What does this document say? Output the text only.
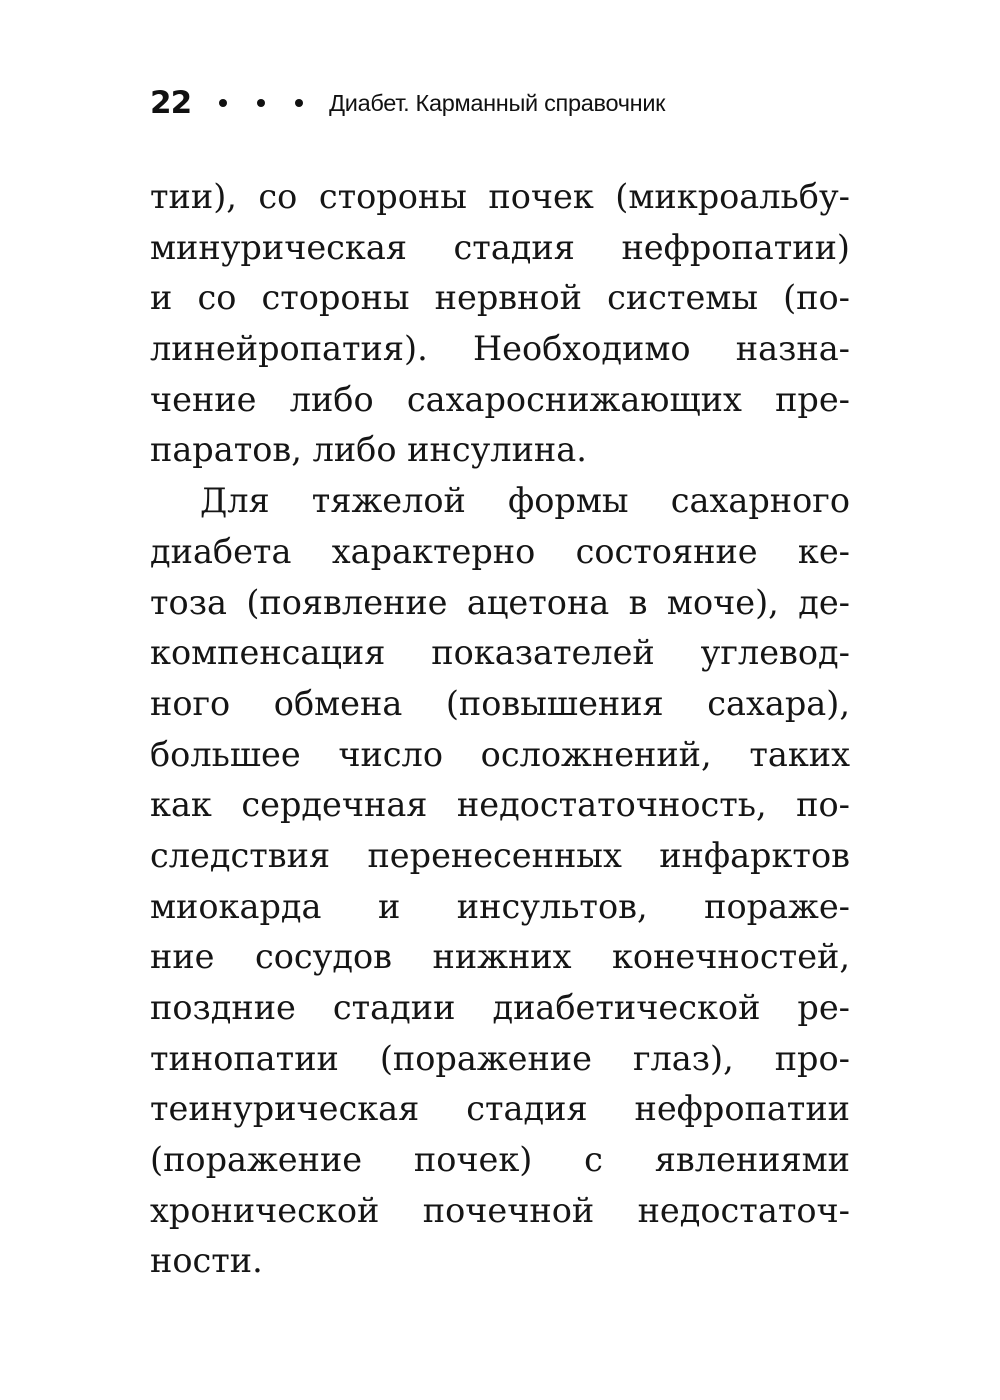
22	Диабет. Карманный справочник
тии), со стороны почек (микроальбу-
минурическая стадия нефропатии)
и со стороны нервной системы (по-
линейропатия). Необходимо назна-
чение либо сахароснижающих пре-
паратов, либо инсулина.
Для тяжелой формы сахарного
диабета характерно состояние ке-
тоза (появление ацетона в моче), де-
компенсация показателей углевод-
ного обмена (повышения сахара),
большее число осложнений, таких
как сердечная недостаточность, по-
следствия перенесенных инфарктов
миокарда и инсультов, пораже-
ние сосудов нижних конечностей,
поздние стадии диабетической ре-
тинопатии (поражение глаз), про-
теинурическая стадия нефропатии
(поражение почек) с явлениями
хронической почечной недостаточ-
ности.
